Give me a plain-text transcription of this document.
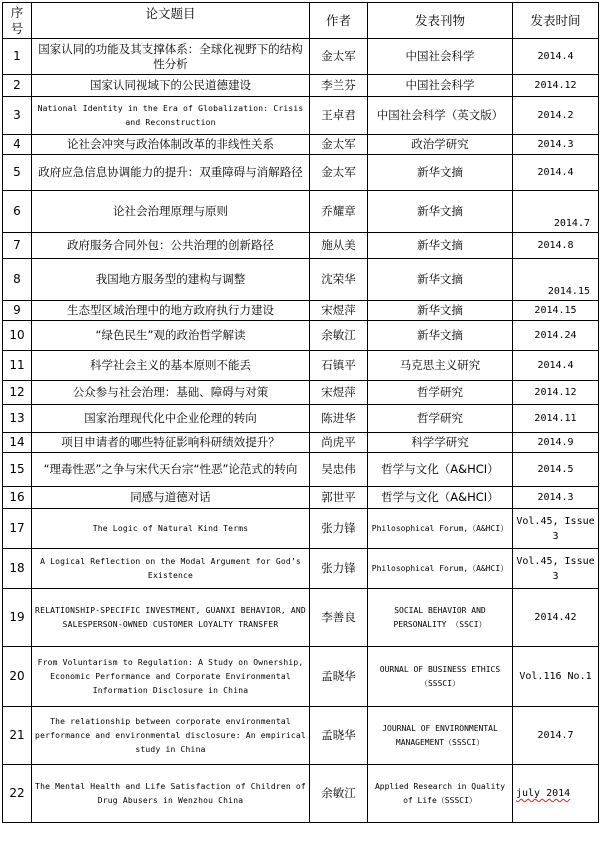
序号	论文题目	作者	发表刊物	发表时间
1	国家认同的功能及其支撑体系：全球化视野下的结构性分析	金太军	中国社会科学	2014.4
2	国家认同视域下的公民道德建设	李兰芬	中国社会科学	2014.12
3	National Identity in the Era of Globalization: Crisis and Reconstruction	王卓君	中国社会科学（英文版）	2014.2
4	论社会冲突与政治体制改革的非线性关系	金太军	政治学研究	2014.3
5	政府应急信息协调能力的提升：双重障碍与消解路径	金太军	新华文摘	2014.4
6	论社会治理原理与原则	乔耀章	新华文摘	2014.7
7	政府服务合同外包：公共治理的创新路径	施从美	新华文摘	2014.8
8	我国地方服务型的建构与调整	沈荣华	新华文摘	2014.15
9	生态型区域治理中的地方政府执行力建设	宋煜萍	新华文摘	2014.15
10	“绿色民生”观的政治哲学解读	余敏江	新华文摘	2014.24
11	科学社会主义的基本原则不能丢	石镇平	马克思主义研究	2014.4
12	公众参与社会治理：基础、障碍与对策	宋煜萍	哲学研究	2014.12
13	国家治理现代化中企业伦理的转向	陈进华	哲学研究	2014.11
14	项目申请者的哪些特征影响科研绩效提升？	尚虎平	科学学研究	2014.9
15	“理毒性恶”之争与宋代天台宗“性恶”论范式的转向	吴忠伟	哲学与文化（A&HCI）	2014.5
16	同感与道德对话	郭世平	哲学与文化（A&HCI）	2014.3
17	The Logic of Natural Kind Terms	张力锋	Philosophical Forum,（A&HCI）	Vol.45, Issue 3
18	A Logical Reflection on the Modal Argument for God’s Existence	张力锋	Philosophical Forum,（A&HCI）	Vol.45, Issue 3
19	RELATIONSHIP-SPECIFIC INVESTMENT, GUANXI BEHAVIOR, AND SALESPERSON-OWNED CUSTOMER LOYALTY TRANSFER	李善良	SOCIAL BEHAVIOR AND PERSONALITY （SSCI）	2014.42
20	From Voluntarism to Regulation: A Study on Ownership, Economic Performance and Corporate Environmental Information Disclosure in China	孟晓华	OURNAL OF BUSINESS ETHICS（SSSCI）	Vol.116 No.1
21	The relationship between corporate environmental performance and environmental disclosure: An empirical study in China	孟晓华	JOURNAL OF ENVIRONMENTAL MANAGEMENT（SSSCI）	2014.7
22	The Mental Health and Life Satisfaction of Children of Drug Abusers in Wenzhou China	余敏江	Applied Research in Quality of Life（SSSCI）	july 2014
